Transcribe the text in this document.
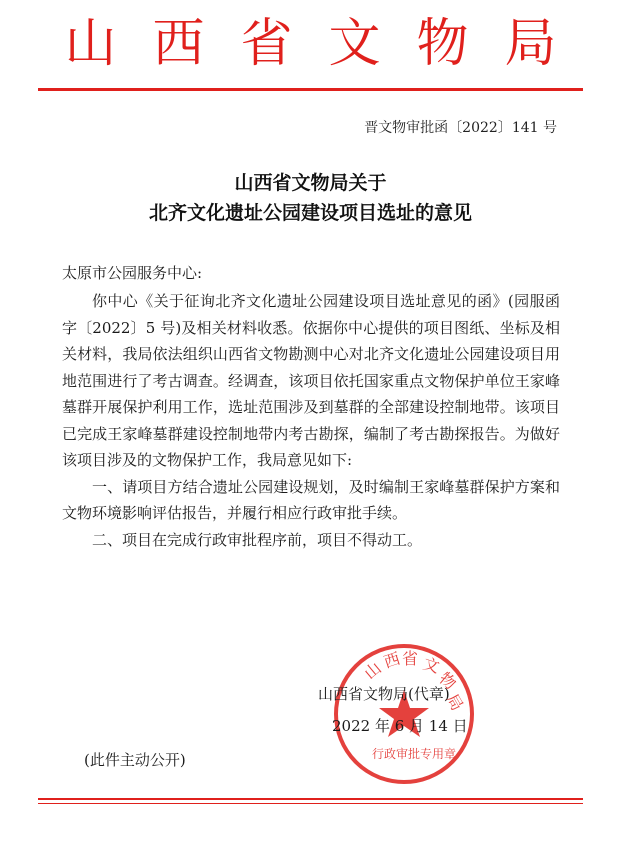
山 西 省 文 物 局
晋文物审批函〔2022〕141 号
山西省文物局关于
北齐文化遗址公园建设项目选址的意见
太原市公园服务中心:

你中心《关于征询北齐文化遗址公园建设项目选址意见的函》(园服函字〔2022〕5 号)及相关材料收悉。依据你中心提供的项目图纸、坐标及相关材料，我局依法组织山西省文物勘测中心对北齐文化遗址公园建设项目用地范围进行了考古调查。经调查，该项目依托国家重点文物保护单位王家峰墓群开展保护利用工作，选址范围涉及到墓群的全部建设控制地带。该项目已完成王家峰墓群建设控制地带内考古勘探，编制了考古勘探报告。为做好该项目涉及的文物保护工作，我局意见如下:

一、请项目方结合遗址公园建设规划，及时编制王家峰墓群保护方案和文物环境影响评估报告，并履行相应行政审批手续。

二、项目在完成行政审批程序前，项目不得动工。

山
西 省 文
物
局
行政审批专用章
山西省文物局(代章)
2022 年 6 月 14 日
(此件主动公开)
